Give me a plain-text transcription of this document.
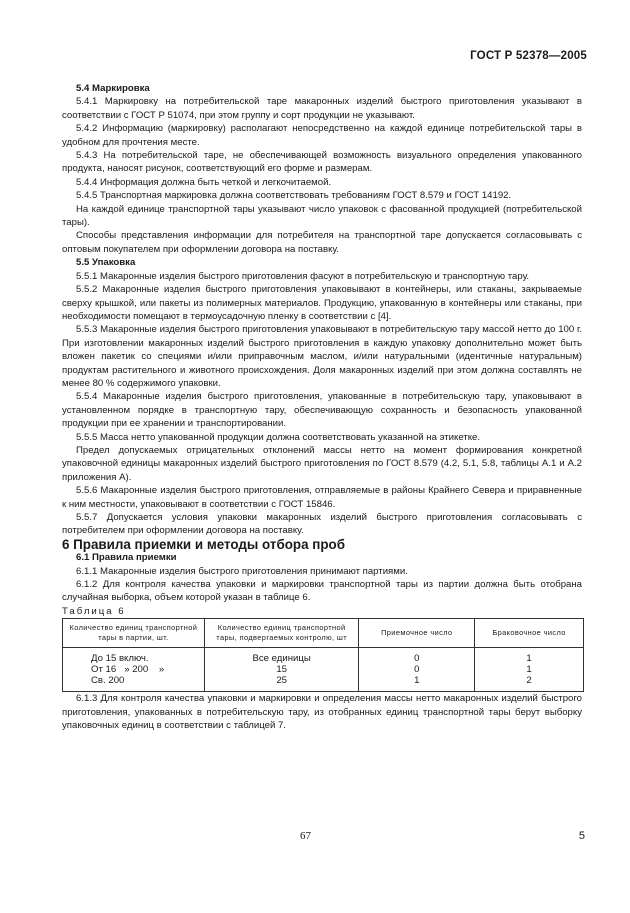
ГОСТ Р 52378—2005

5.4 Маркировка

5.4.1 Маркировку на потребительской таре макаронных изделий быстрого приготовления указывают в соответствии с ГОСТ Р 51074, при этом группу и сорт продукции не указывают.

5.4.2 Информацию (маркировку) располагают непосредственно на каждой единице потребительской тары в удобном для прочтения месте.

5.4.3 На потребительской таре, не обеспечивающей возможность визуального определения упакованного продукта, наносят рисунок, соответствующий его форме и размерам.

5.4.4 Информация должна быть четкой и легкочитаемой.

5.4.5 Транспортная маркировка должна соответствовать требованиям ГОСТ 8.579 и ГОСТ 14192.

На каждой единице транспортной тары указывают число упаковок с фасованной продукцией (потребительской тары).

Способы представления информации для потребителя на транспортной таре допускается согласовывать с оптовым покупателем при оформлении договора на поставку.

5.5 Упаковка

5.5.1 Макаронные изделия быстрого приготовления фасуют в потребительскую и транспортную тару.

5.5.2 Макаронные изделия быстрого приготовления упаковывают в контейнеры, или стаканы, закрываемые сверху крышкой, или пакеты из полимерных материалов. Продукцию, упакованную в контейнеры или стаканы, при необходимости помещают в термоусадочную пленку в соответствии с [4].

5.5.3 Макаронные изделия быстрого приготовления упаковывают в потребительскую тару массой нетто до 100 г. При изготовлении макаронных изделий быстрого приготовления в каждую упаковку дополнительно может быть вложен пакетик со специями и/или приправочным маслом, и/или натуральными (идентичные натуральным) продуктам растительного и животного происхождения. Доля макаронных изделий при этом должна составлять не менее 80 % содержимого упаковки.

5.5.4 Макаронные изделия быстрого приготовления, упакованные в потребительскую тару, упаковывают в установленном порядке в транспортную тару, обеспечивающую сохранность и безопасность упакованной продукции при ее хранении и транспортировании.

5.5.5 Масса нетто упакованной продукции должна соответствовать указанной на этикетке.

Предел допускаемых отрицательных отклонений массы нетто на момент формирования конкретной упаковочной единицы макаронных изделий быстрого приготовления по ГОСТ 8.579 (4.2, 5.1, 5.8, таблицы А.1 и А.2 приложения А).

5.5.6 Макаронные изделия быстрого приготовления, отправляемые в районы Крайнего Севера и приравненные к ним местности, упаковывают в соответствии с ГОСТ 15846.

5.5.7 Допускается условия упаковки макаронных изделий быстрого приготовления согласовывать с потребителем при оформлении договора на поставку.

6 Правила приемки и методы отбора проб

6.1 Правила приемки

6.1.1 Макаронные изделия быстрого приготовления принимают партиями.

6.1.2 Для контроля качества упаковки и маркировки транспортной тары из партии должна быть отобрана случайная выборка, объем которой указан в таблице 6.

Таблица 6

Количество единиц транспортной тары в партии, шт.	Количество единиц транспортной тары, подвергаемых контролю, шт	Приемочное число	Браковочное число
До 15 включ.	Все единицы	0	1
От 16   » 200    »	15	0	1
Св. 200	25	1	2

6.1.3 Для контроля качества упаковки и маркировки и определения массы нетто макаронных изделий быстрого приготовления, упакованных в потребительскую тару, из отобранных единиц транспортной тары берут выборку упаковочных единиц в соответствии с таблицей 7.

67	5
